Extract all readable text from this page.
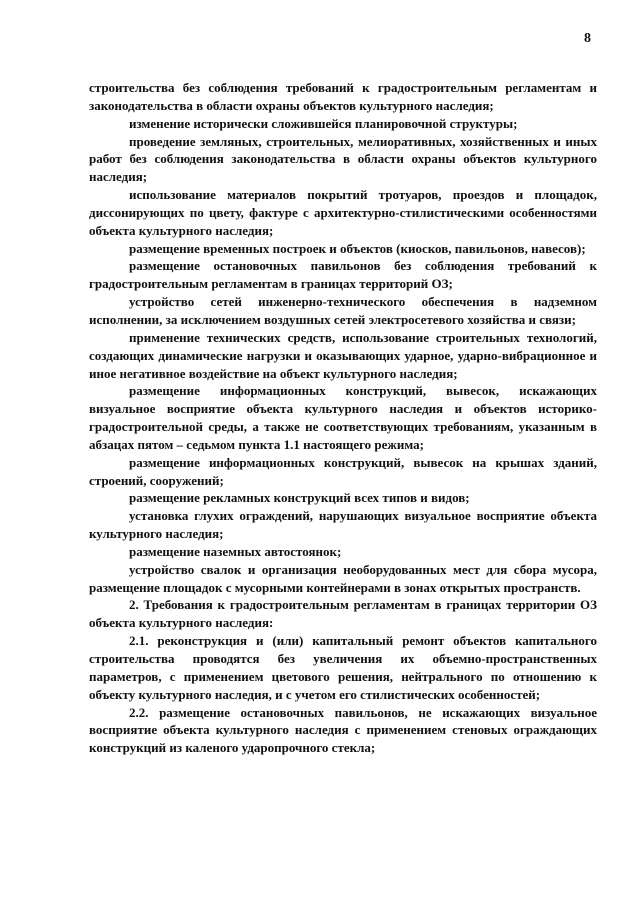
8

строительства без соблюдения требований к градостроительным регламентам и законодательства в области охраны объектов культурного наследия;

изменение исторически сложившейся планировочной структуры;

проведение земляных, строительных, мелиоративных, хозяйственных и иных работ без соблюдения законодательства в области охраны объектов культурного наследия;

использование материалов покрытий тротуаров, проездов и площадок, диссонирующих по цвету, фактуре с архитектурно-стилистическими особенностями объекта культурного наследия;

размещение временных построек и объектов (киосков, павильонов, навесов);

размещение остановочных павильонов без соблюдения требований к градостроительным регламентам в границах территорий ОЗ;

устройство сетей инженерно-технического обеспечения в надземном исполнении, за исключением воздушных сетей электросетевого хозяйства и связи;

применение технических средств, использование строительных технологий, создающих динамические нагрузки и оказывающих ударное, ударно-вибрационное и иное негативное воздействие на объект культурного наследия;

размещение информационных конструкций, вывесок, искажающих визуальное восприятие объекта культурного наследия и объектов историко-градостроительной среды, а также не соответствующих требованиям, указанным в абзацах пятом – седьмом пункта 1.1 настоящего режима;

размещение информационных конструкций, вывесок на крышах зданий, строений, сооружений;

размещение рекламных конструкций всех типов и видов;

установка глухих ограждений, нарушающих визуальное восприятие объекта культурного наследия;

размещение наземных автостоянок;

устройство свалок и организация необорудованных мест для сбора мусора, размещение площадок с мусорными контейнерами в зонах открытых пространств.

2. Требования к градостроительным регламентам в границах территории ОЗ объекта культурного наследия:

2.1. реконструкция и (или) капитальный ремонт объектов капитального строительства проводятся без увеличения их объемно-пространственных параметров, с применением цветового решения, нейтрального по отношению к объекту культурного наследия, и с учетом его стилистических особенностей;

2.2. размещение остановочных павильонов, не искажающих визуальное восприятие объекта культурного наследия с применением стеновых ограждающих конструкций из каленого ударопрочного стекла;
